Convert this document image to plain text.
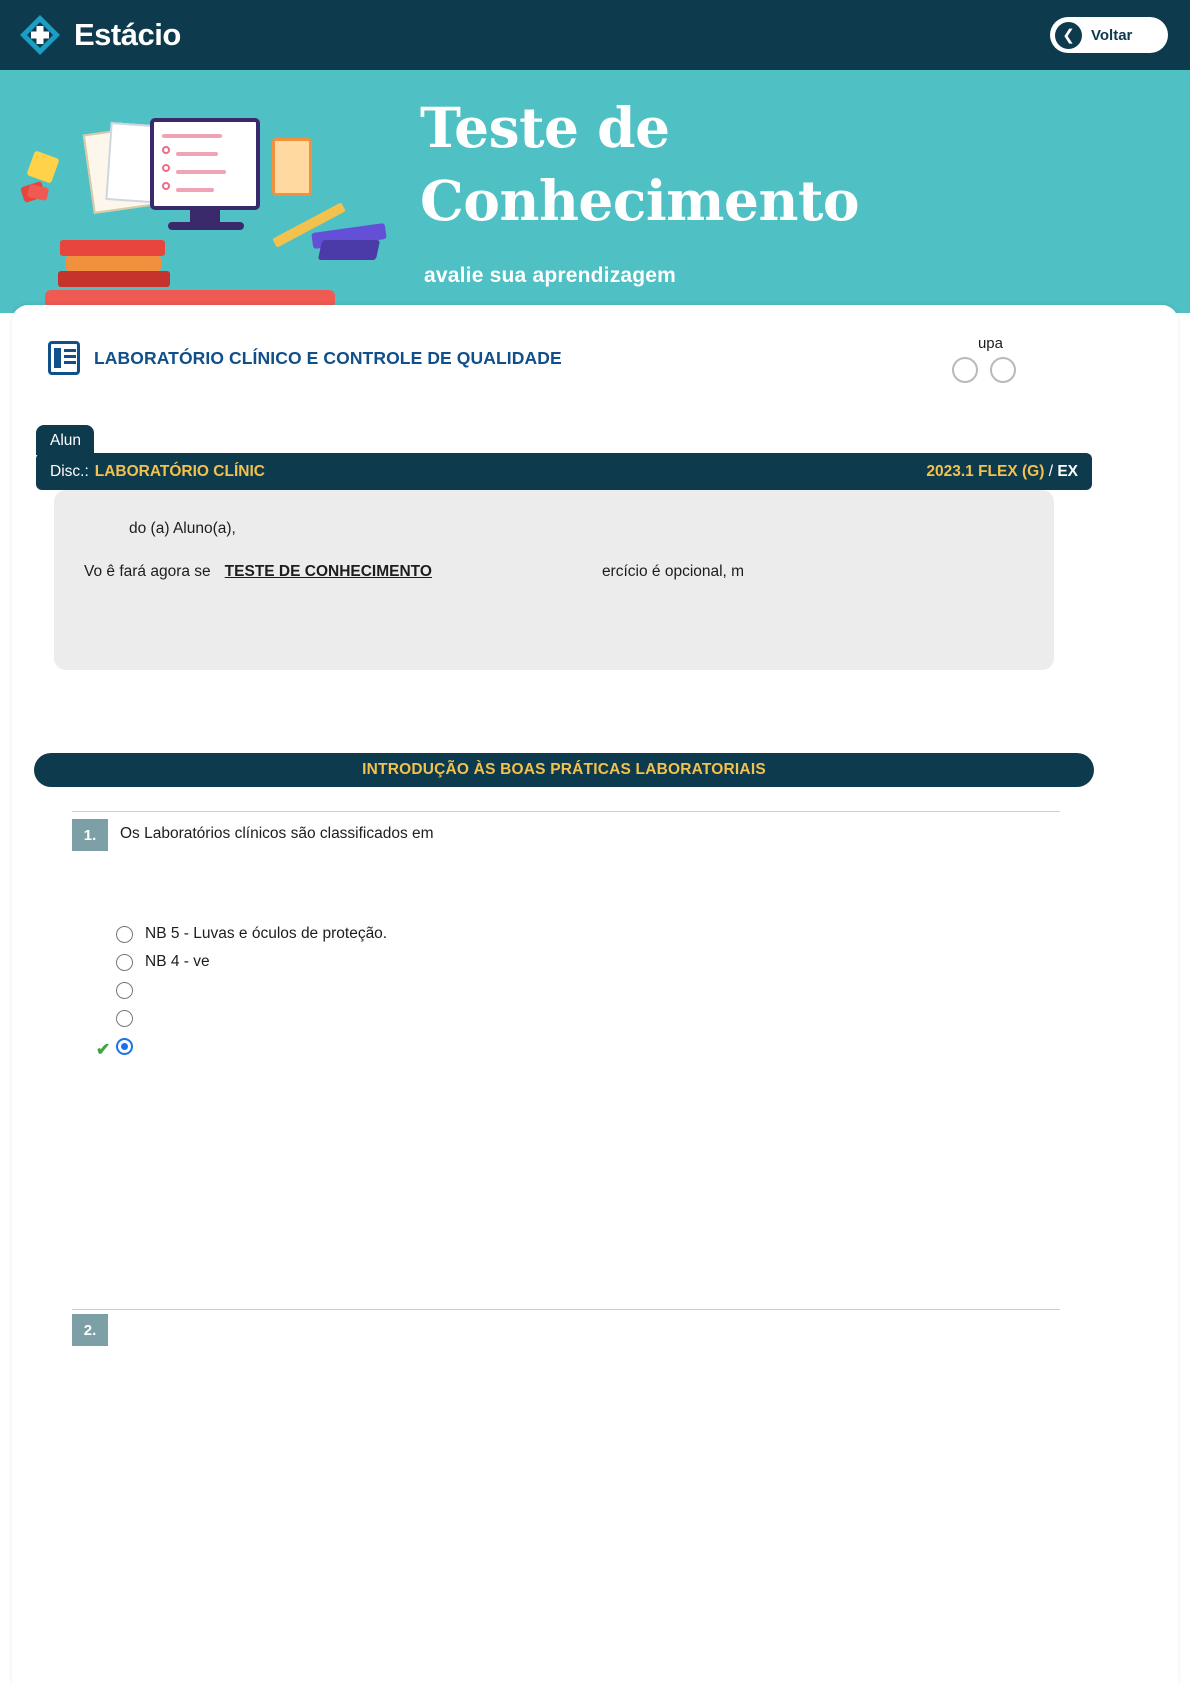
Estácio	❮	Voltar
Teste de
Conhecimento
avalie sua aprendizagem
LABORATÓRIO CLÍNICO E CONTROLE DE QUALIDADE
upa
Alun
Disc.: LABORATÓRIO CLÍNIC	2023.1 FLEX (G) / EX
do (a) Aluno(a),
Vo ê fará agora se TESTE DE CONHECIMENTO	ercício é opcional, m
INTRODUÇÃO ÀS BOAS PRÁTICAS LABORATORIAIS
1.	Os Laboratórios clínicos são classificados em
NB 5 - Luvas e óculos de proteção.
NB 4 - ve
✔
2.
